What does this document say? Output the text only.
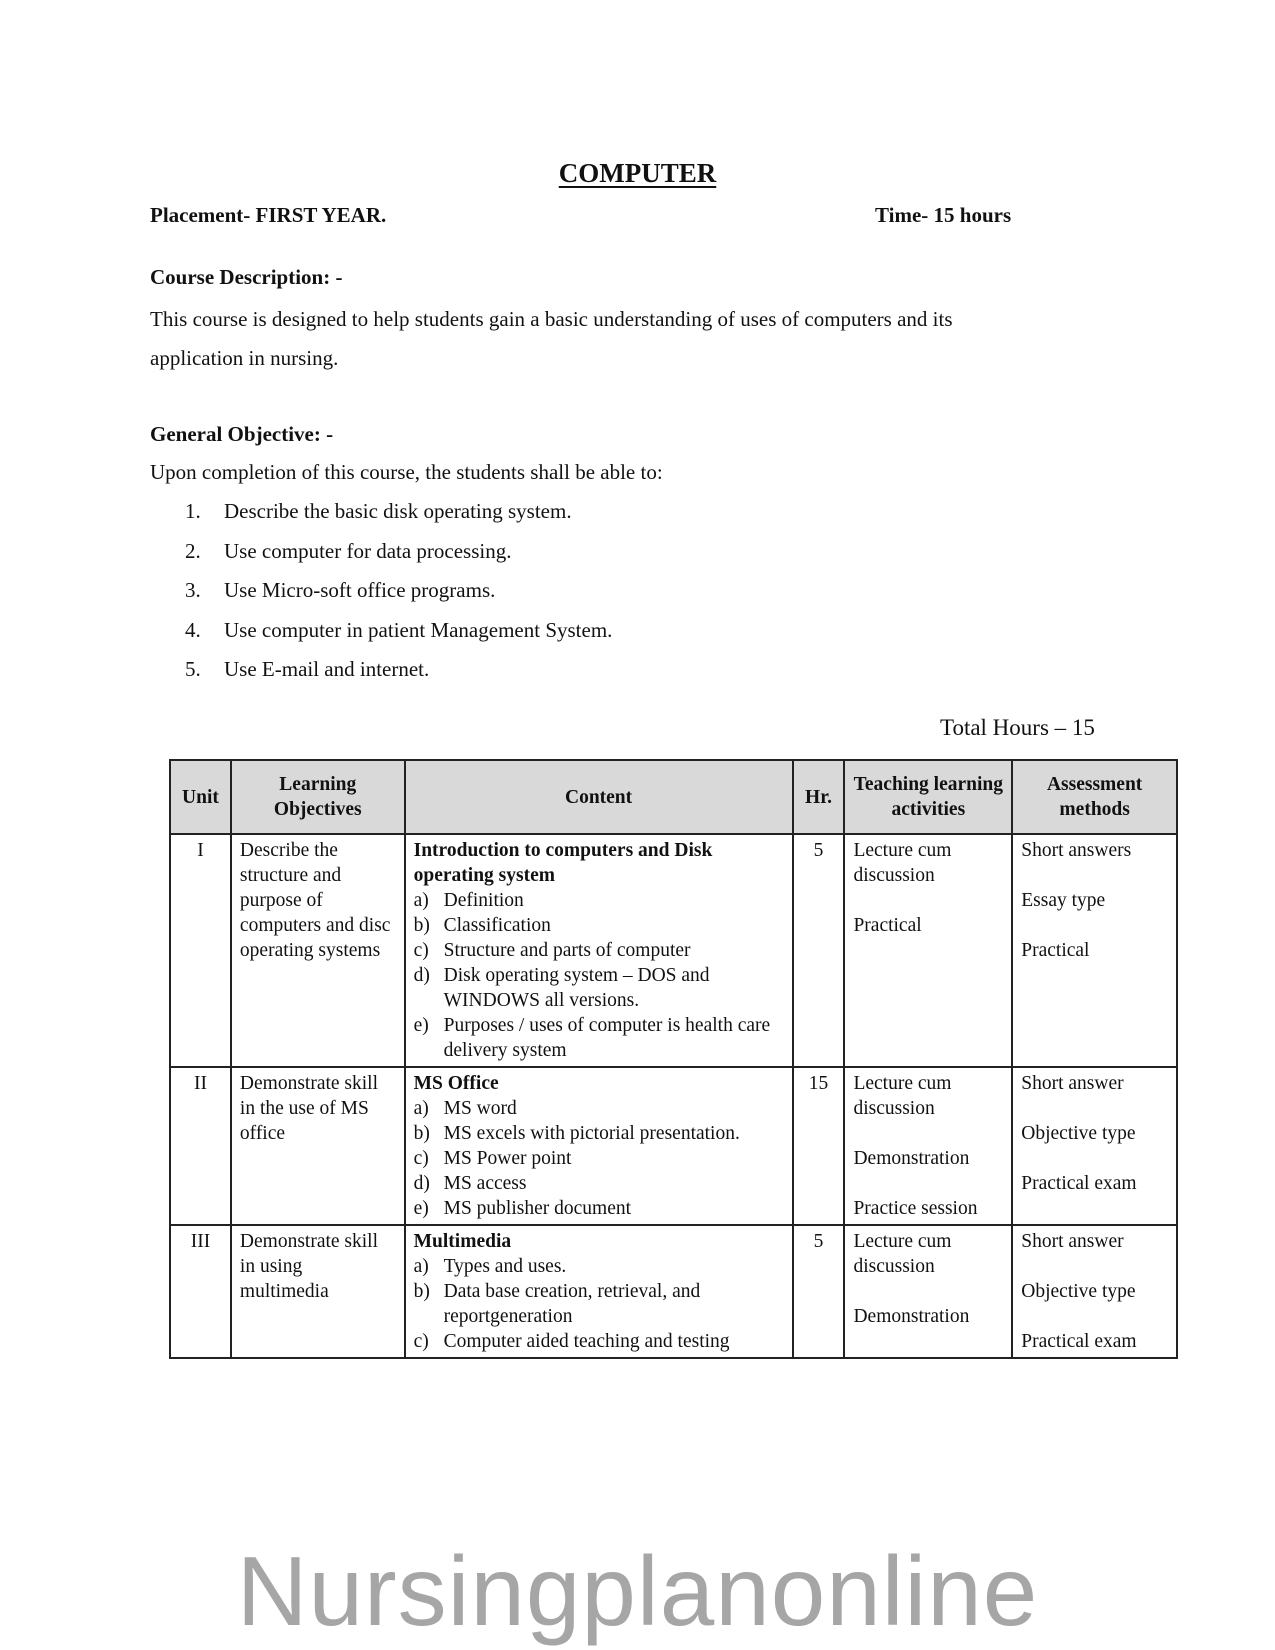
COMPUTER
Placement- FIRST YEAR.	Time- 15 hours
Course Description: -
This course is designed to help students gain a basic understanding of uses of computers and its application in nursing.
General Objective: -
Upon completion of this course, the students shall be able to:
1.	Describe the basic disk operating system.
2.	Use computer for data processing.
3.	Use Micro-soft office programs.
4.	Use computer in patient Management System.
5.	Use E-mail and internet.
Total Hours – 15
Unit	Learning Objectives	Content	Hr.	Teaching learning activities	Assessment methods
I	Describe the structure and purpose of computers and disc operating systems	
Introduction to computers and Disk operating system
a) Definition
b) Classification
c) Structure and parts of computer
d) Disk operating system – DOS and WINDOWS all versions.
e) Purposes / uses of computer is health care delivery system
	5	Lecture cum discussion
Practical

Short answers
Essay type
Practical

II	Demonstrate skill in the use of MS office	
MS Office
a) MS word
b) MS excels with pictorial presentation.
c) MS Power point
d) MS access
e) MS publisher document
	15	Lecture cum discussion
Demonstration
Practice session

Short answer
Objective type
Practical exam

III	Demonstrate skill in using multimedia	
Multimedia
a) Types and uses.
b) Data base creation, retrieval, and reportgeneration
c) Computer aided teaching and testing
	5	Lecture cum discussion
Demonstration

Short answer
Objective type
Practical exam
Nursingplanonline
